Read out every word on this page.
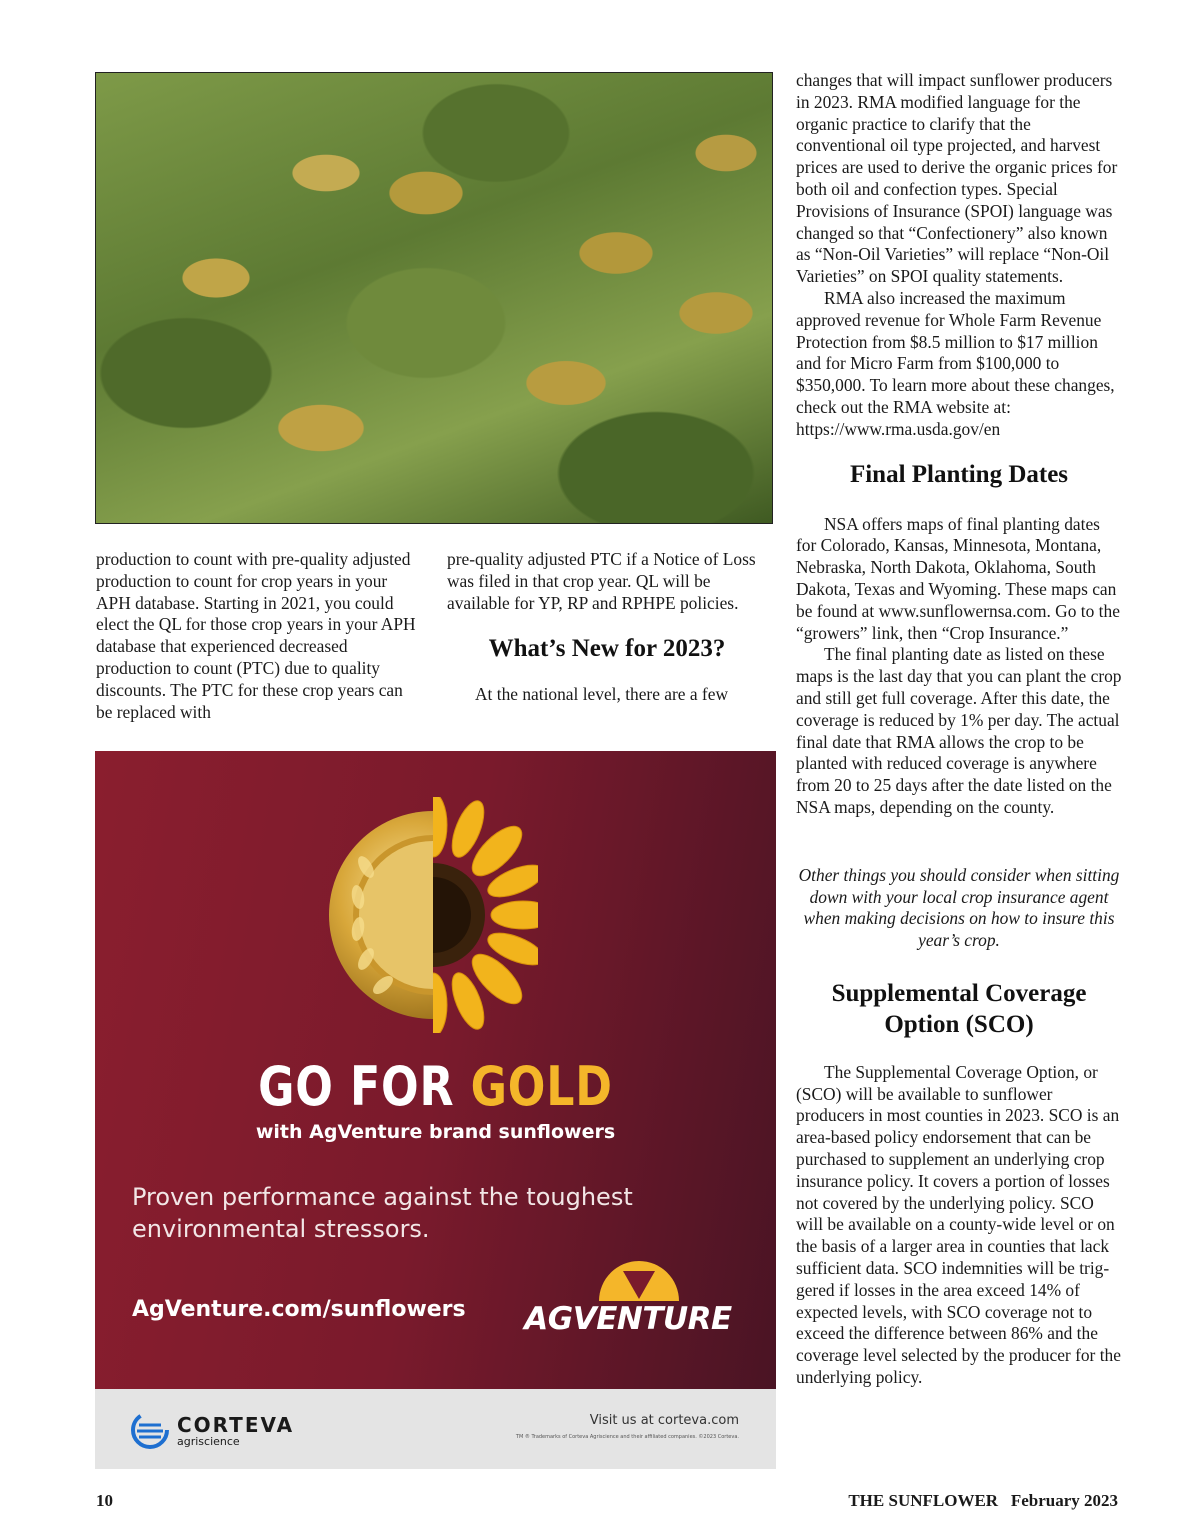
production to count with pre-quality adjusted production to count for crop years in your APH database. Starting in 2021, you could elect the QL for those crop years in your APH database that experienced decreased production to count (PTC) due to quality discounts. The PTC for these crop years can be replaced with

pre-quality adjusted PTC if a Notice of Loss was filed in that crop year. QL will be available for YP, RP and RPHPE policies.

What’s New for 2023?

At the national level, there are a few

changes that will impact sunflower producers in 2023. RMA modified language for the organic practice to clarify that the conventional oil type projected, and harvest prices are used to derive the organic prices for both oil and confection types. Special Provisions of Insurance (SPOI) language was changed so that “Confectionery” also known as “Non-Oil Varieties” will replace “Non-Oil Varieties” on SPOI quality statements.

RMA also increased the maximum approved revenue for Whole Farm Revenue Protection from $8.5 million to $17 million and for Micro Farm from $100,000 to $350,000. To learn more about these changes, check out the RMA website at: https://www.rma.usda.gov/en

Final Planting Dates

NSA offers maps of final planting dates for Colorado, Kansas, Minnesota, Montana, Nebraska, North Dakota, Oklahoma, South Dakota, Texas and Wyoming. These maps can be found at www.sunflowernsa.com. Go to the “growers” link, then “Crop Insurance.”

The final planting date as listed on these maps is the last day that you can plant the crop and still get full coverage. After this date, the coverage is reduced by 1% per day. The actual final date that RMA allows the crop to be planted with reduced coverage is anywhere from 20 to 25 days after the date listed on the NSA maps, depending on the county.

Other things you should consider when sitting down with your local crop insurance agent when making decisions on how to insure this year’s crop.

Supplemental Coverage Option (SCO)

The Supplemental Coverage Option, or (SCO) will be available to sunflower producers in most counties in 2023. SCO is an area-based policy endorsement that can be purchased to supplement an underlying crop insurance policy. It covers a portion of losses not covered by the underlying policy. SCO will be available on a county-wide level or on the basis of a larger area in counties that lack sufficient data. SCO indemnities will be triggered if losses in the area exceed 14% of expected levels, with SCO coverage not to exceed the difference between 86% and the coverage level selected by the producer for the underlying policy.

GO FOR GOLD
with AgVenture brand sunflowers
Proven performance against the toughest environmental stressors.
AgVenture.com/sunflowers AGVENTURE
CORTEVA
agriscience
Visit us at corteva.com
TM ® Trademarks of Corteva Agriscience and their affiliated companies. ©2023 Corteva.
10	THE SUNFLOWER   February 2023
